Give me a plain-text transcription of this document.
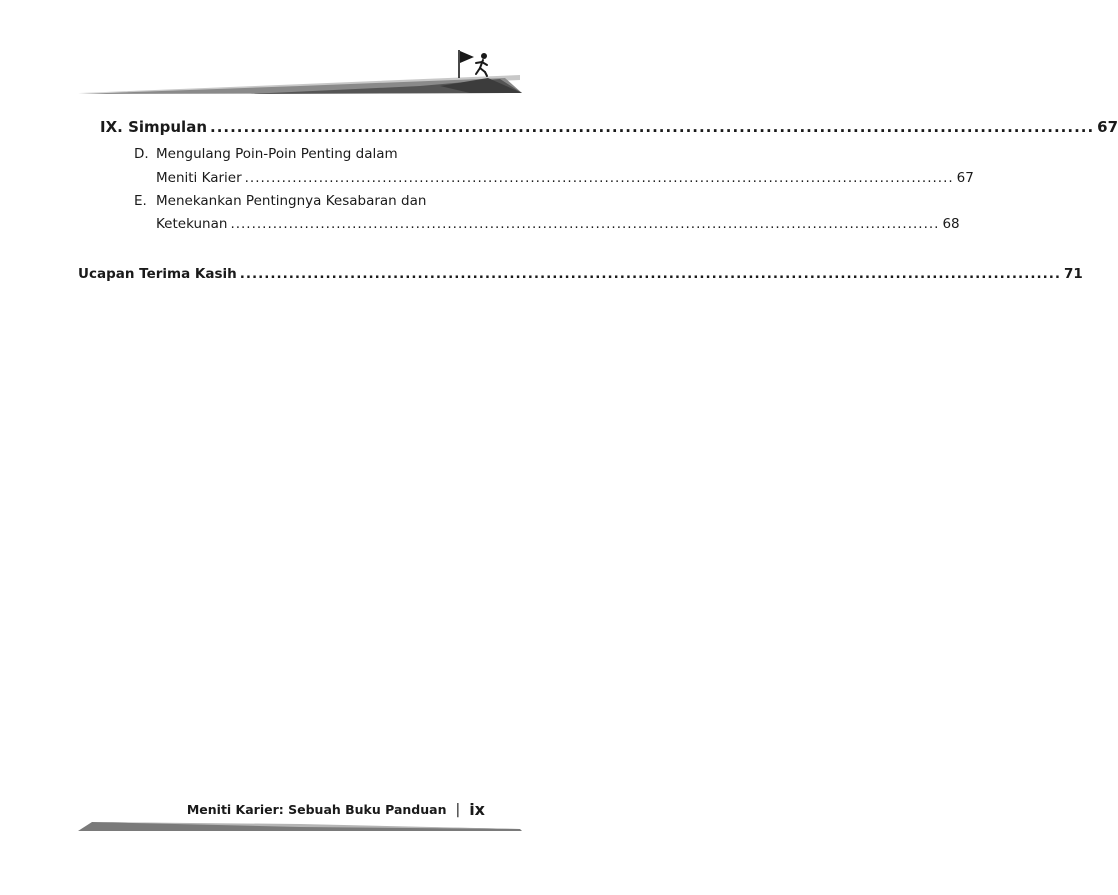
IX. Simpulan .................................................................................................................................... 67
D. Mengulang Poin-Poin Penting dalam
Meniti Karier ...................................................................................................................................... 67
E. Menekankan Pentingnya Kesabaran dan
Ketekunan ...................................................................................................................................... 68
Ucapan Terima Kasih ...................................................................................................................................... 71
Meniti Karier: Sebuah Buku Panduan | ix
